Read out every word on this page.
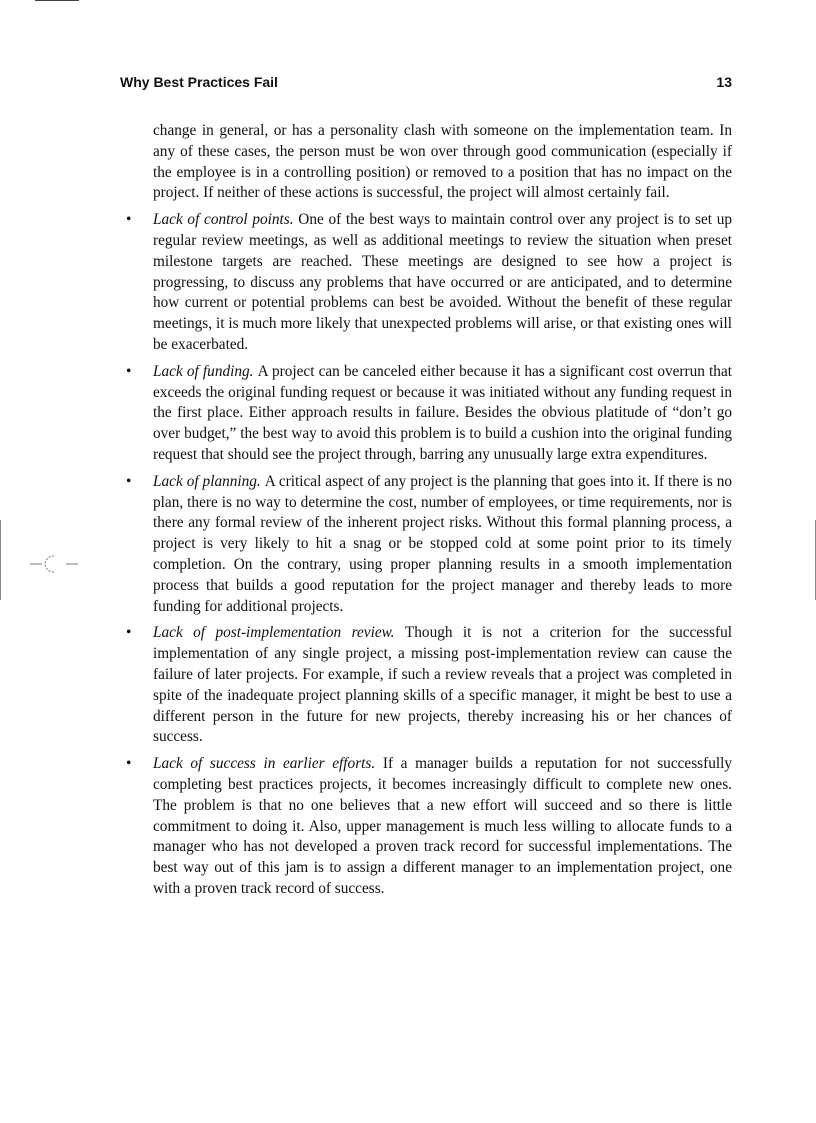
Why Best Practices Fail	13

change in general, or has a personality clash with someone on the implementation team. In any of these cases, the person must be won over through good communication (especially if the employee is in a controlling position) or removed to a position that has no impact on the project. If neither of these actions is successful, the project will almost certainly fail.

• Lack of control points. One of the best ways to maintain control over any project is to set up regular review meetings, as well as additional meetings to review the situation when preset milestone targets are reached. These meetings are designed to see how a project is progressing, to discuss any problems that have occurred or are anticipated, and to determine how current or potential problems can best be avoided. Without the benefit of these regular meetings, it is much more likely that unexpected problems will arise, or that existing ones will be exacerbated.
• Lack of funding. A project can be canceled either because it has a significant cost overrun that exceeds the original funding request or because it was initiated without any funding request in the first place. Either approach results in failure. Besides the obvious platitude of “don’t go over budget,” the best way to avoid this problem is to build a cushion into the original funding request that should see the project through, barring any unusually large extra expenditures.
• Lack of planning. A critical aspect of any project is the planning that goes into it. If there is no plan, there is no way to determine the cost, number of employees, or time requirements, nor is there any formal review of the inherent project risks. Without this formal planning process, a project is very likely to hit a snag or be stopped cold at some point prior to its timely completion. On the contrary, using proper planning results in a smooth implementation process that builds a good reputation for the project manager and thereby leads to more funding for additional projects.
• Lack of post-implementation review. Though it is not a criterion for the successful implementation of any single project, a missing post-implementation review can cause the failure of later projects. For example, if such a review reveals that a project was completed in spite of the inadequate project planning skills of a specific manager, it might be best to use a different person in the future for new projects, thereby increasing his or her chances of success.
• Lack of success in earlier efforts. If a manager builds a reputation for not successfully completing best practices projects, it becomes increasingly difficult to complete new ones. The problem is that no one believes that a new effort will succeed and so there is little commitment to doing it. Also, upper management is much less willing to allocate funds to a manager who has not developed a proven track record for successful implementations. The best way out of this jam is to assign a different manager to an implementation project, one with a proven track record of success.
